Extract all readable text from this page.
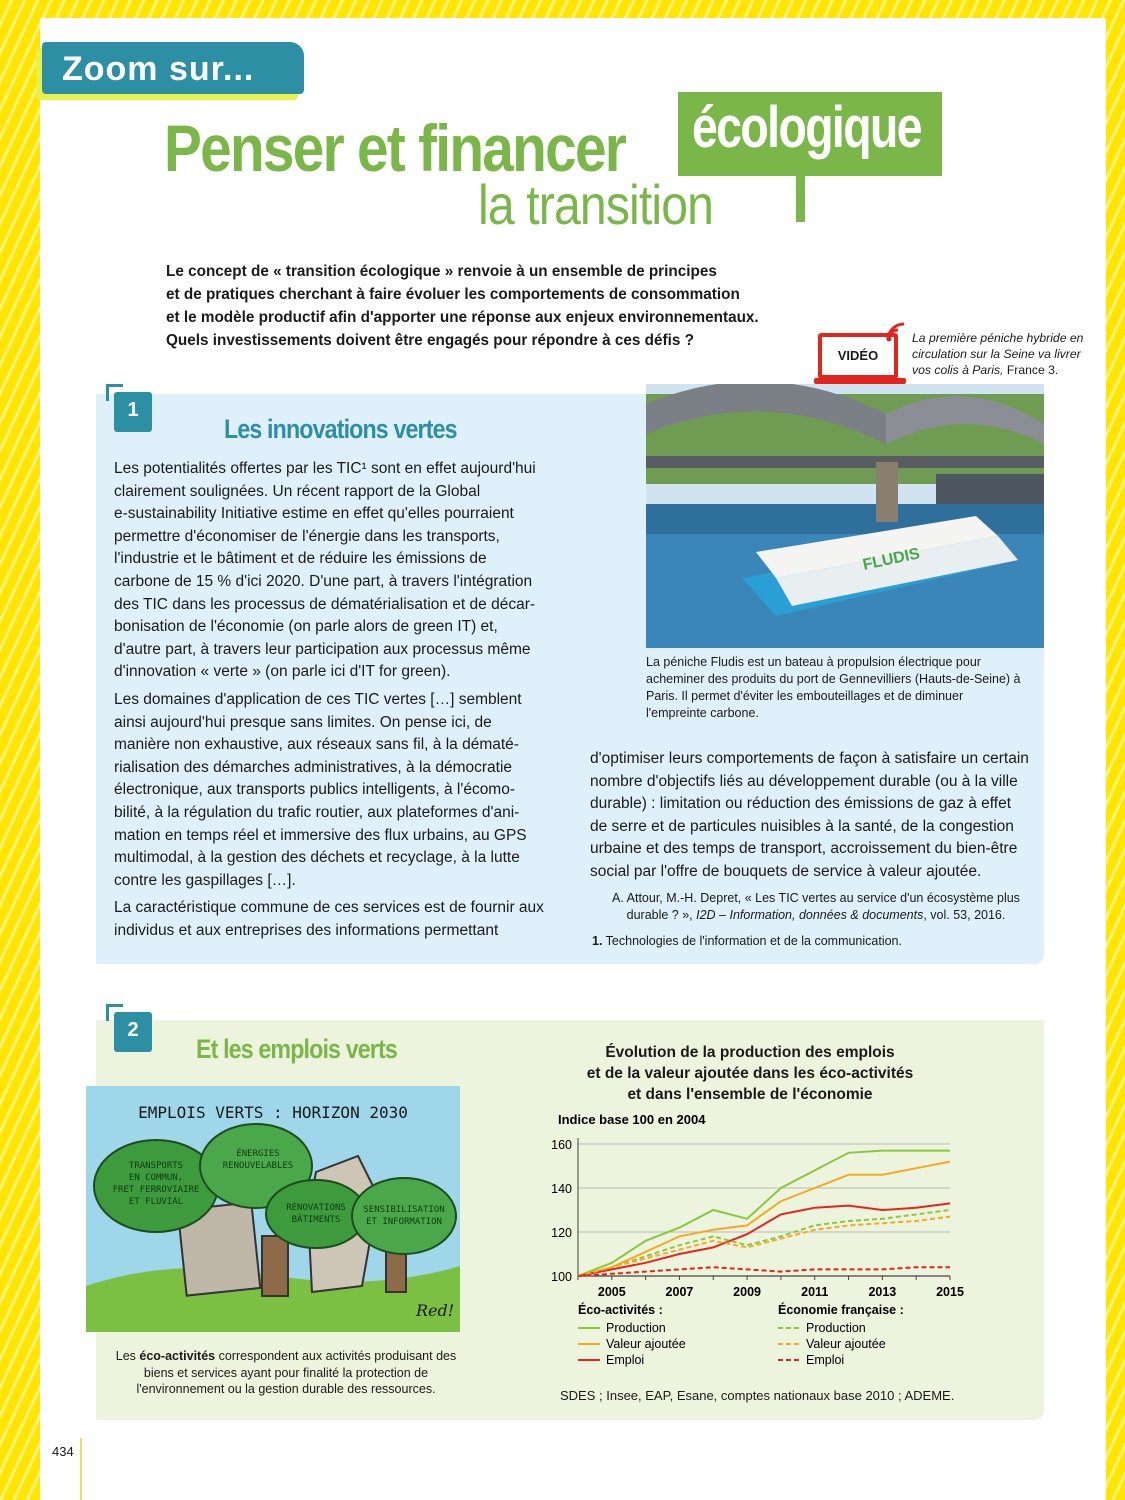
Zoom sur...
Penser et financer écologique
la transition

Le concept de « transition écologique » renvoie à un ensemble de principes

et de pratiques cherchant à faire évoluer les comportements de consommation

et le modèle productif afin d'apporter une réponse aux enjeux environnementaux.

Quels investissements doivent être engagés pour répondre à ces défis ?

VIDÉO
La première péniche hybride en circulation sur la Seine va livrer vos colis à Paris, France 3.
1
Les innovations vertes

Les potentialités offertes par les TIC¹ sont en effet aujourd'hui
clairement soulignées. Un récent rapport de la Global
e-sustainability Initiative estime en effet qu'elles pourraient
permettre d'économiser de l'énergie dans les transports,
l'industrie et le bâtiment et de réduire les émissions de
carbone de 15 % d'ici 2020. D'une part, à travers l'intégration
des TIC dans les processus de dématérialisation et de décar-
bonisation de l'économie (on parle alors de green IT) et,
d'autre part, à travers leur participation aux processus même
d'innovation « verte » (on parle ici d'IT for green).

Les domaines d'application de ces TIC vertes […] semblent
ainsi aujourd'hui presque sans limites. On pense ici, de
manière non exhaustive, aux réseaux sans fil, à la dématé-
rialisation des démarches administratives, à la démocratie
électronique, aux transports publics intelligents, à l'écomo-
bilité, à la régulation du trafic routier, aux plateformes d'ani-
mation en temps réel et immersive des flux urbains, au GPS
multimodal, à la gestion des déchets et recyclage, à la lutte
contre les gaspillages […].

La caractéristique commune de ces services est de fournir aux
individus et aux entreprises des informations permettant

FLUDIS
La péniche Fludis est un bateau à propulsion électrique pour acheminer des produits du port de Gennevilliers (Hauts-de-Seine) à Paris. Il permet d'éviter les embouteillages et de diminuer l'empreinte carbone.

d'optimiser leurs comportements de façon à satisfaire un certain
nombre d'objectifs liés au développement durable (ou à la ville
durable) : limitation ou réduction des émissions de gaz à effet
de serre et de particules nuisibles à la santé, de la congestion
urbaine et des temps de transport, accroissement du bien-être
social par l'offre de bouquets de service à valeur ajoutée.

A. Attour, M.-H. Depret, « Les TIC vertes au service d'un écosystème plus
durable ? », I2D – Information, données & documents, vol. 53, 2016.
1. Technologies de l'information et de la communication.
2
Et les emplois verts
EMPLOIS VERTS : HORIZON 2030
TRANSPORTS
EN COMMUN,
FRET FERROVIAIRE
ET FLUVIAL
ÉNERGIES
RENOUVELABLES
RÉNOVATIONS
BÂTIMENTS
SENSIBILISATION
ET INFORMATION
Red!
Les éco-activités correspondent aux activités produisant des biens et services ayant pour finalité la protection de l'environnement ou la gestion durable des ressources.
Évolution de la production des emplois
et de la valeur ajoutée dans les éco-activités
et dans l'ensemble de l'économie
Indice base 100 en 2004
100
120
140
160
2005	2007	2009	2011	2013	2015
Éco-activités :	Économie française :
Production
Valeur ajoutée
Emploi
Production
Valeur ajoutée
Emploi
SDES ; Insee, EAP, Esane, comptes nationaux base 2010 ; ADEME.
434
